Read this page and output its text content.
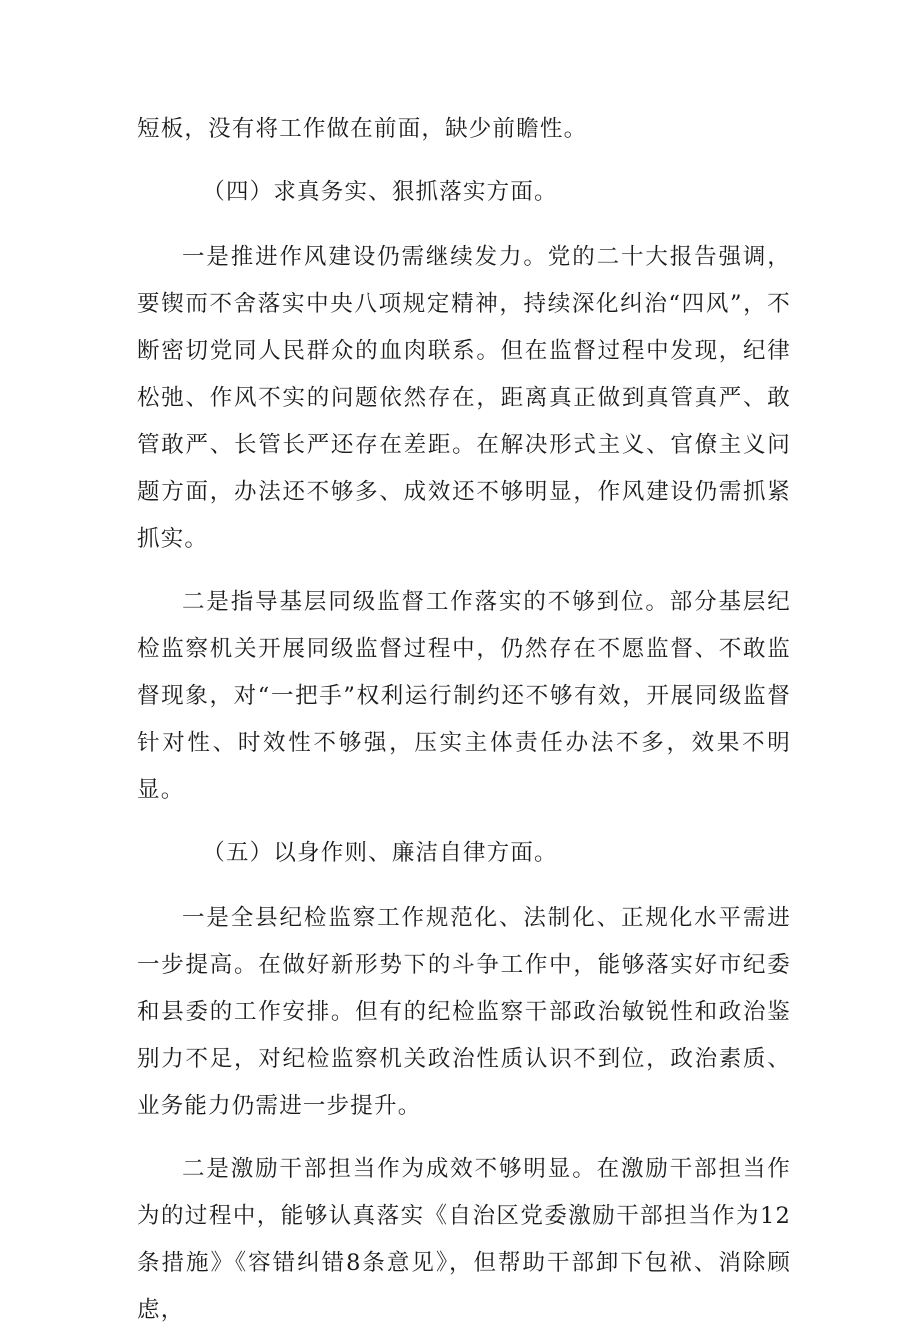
短板，没有将工作做在前面，缺少前瞻性。

（四）求真务实、狠抓落实方面。

一是推进作风建设仍需继续发力。党的二十大报告强调，要锲而不舍落实中央八项规定精神，持续深化纠治“四风”，不断密切党同人民群众的血肉联系。但在监督过程中发现，纪律松弛、作风不实的问题依然存在，距离真正做到真管真严、敢管敢严、长管长严还存在差距。在解决形式主义、官僚主义问题方面，办法还不够多、成效还不够明显，作风建设仍需抓紧抓实。

二是指导基层同级监督工作落实的不够到位。部分基层纪检监察机关开展同级监督过程中，仍然存在不愿监督、不敢监督现象，对“一把手”权利运行制约还不够有效，开展同级监督针对性、时效性不够强，压实主体责任办法不多，效果不明显。

（五）以身作则、廉洁自律方面。

一是全县纪检监察工作规范化、法制化、正规化水平需进一步提高。在做好新形势下的斗争工作中，能够落实好市纪委和县委的工作安排。但有的纪检监察干部政治敏锐性和政治鉴别力不足，对纪检监察机关政治性质认识不到位，政治素质、业务能力仍需进一步提升。

二是激励干部担当作为成效不够明显。在激励干部担当作为的过程中，能够认真落实《自治区党委激励干部担当作为12条措施》《容错纠错8条意见》，但帮助干部卸下包袱、消除顾虑，
